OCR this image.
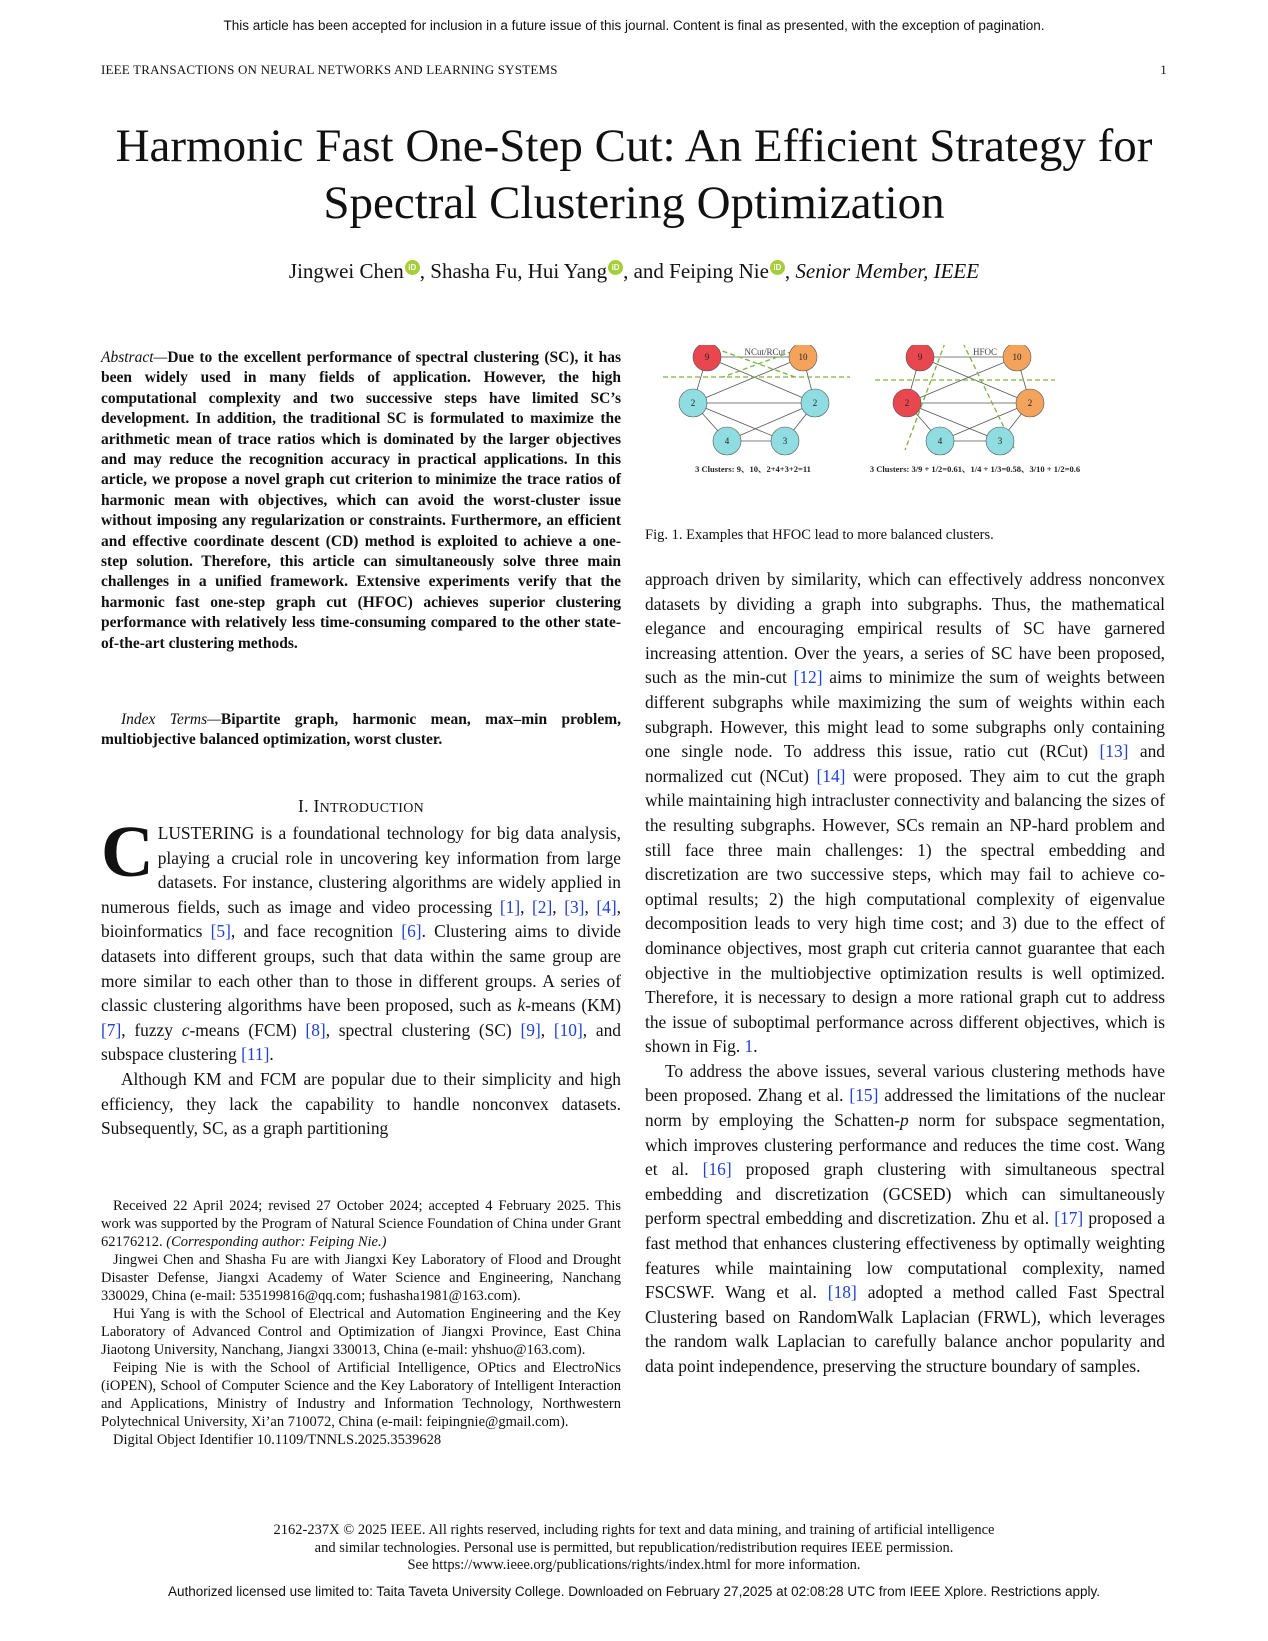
This article has been accepted for inclusion in a future issue of this journal. Content is final as presented, with the exception of pagination.
IEEE TRANSACTIONS ON NEURAL NETWORKS AND LEARNING SYSTEMS	1
Harmonic Fast One-Step Cut: An Efficient Strategy for Spectral Clustering Optimization
Jingwei Chen iD , Shasha Fu, Hui Yang iD , and Feiping Nie iD , Senior Member, IEEE
Abstract—Due to the excellent performance of spectral clustering (SC), it has been widely used in many fields of application. However, the high computational complexity and two successive steps have limited SC’s development. In addition, the traditional SC is formulated to maximize the arithmetic mean of trace ratios which is dominated by the larger objectives and may reduce the recognition accuracy in practical applications. In this article, we propose a novel graph cut criterion to minimize the trace ratios of harmonic mean with objectives, which can avoid the worst-cluster issue without imposing any regularization or constraints. Furthermore, an efficient and effective coordinate descent (CD) method is exploited to achieve a one-step solution. Therefore, this article can simultaneously solve three main challenges in a unified framework. Extensive experiments verify that the harmonic fast one-step graph cut (HFOC) achieves superior clustering performance with relatively less time-consuming compared to the other state-of-the-art clustering methods.
Index Terms—Bipartite graph, harmonic mean, max–min problem, multiobjective balanced optimization, worst cluster.
I. INTRODUCTION

CLUSTERING is a foundational technology for big data analysis, playing a crucial role in uncovering key information from large datasets. For instance, clustering algorithms are widely applied in numerous fields, such as image and video processing [1], [2], [3], [4], bioinformatics [5], and face recognition [6]. Clustering aims to divide datasets into different groups, such that data within the same group are more similar to each other than to those in different groups. A series of classic clustering algorithms have been proposed, such as k-means (KM) [7], fuzzy c-means (FCM) [8], spectral clustering (SC) [9], [10], and subspace clustering [11].

Although KM and FCM are popular due to their simplicity and high efficiency, they lack the capability to handle nonconvex datasets. Subsequently, SC, as a graph partitioning

Received 22 April 2024; revised 27 October 2024; accepted 4 February 2025. This work was supported by the Program of Natural Science Foundation of China under Grant 62176212. (Corresponding author: Feiping Nie.)

Jingwei Chen and Shasha Fu are with Jiangxi Key Laboratory of Flood and Drought Disaster Defense, Jiangxi Academy of Water Science and Engineering, Nanchang 330029, China (e-mail: 535199816@qq.com; fushasha1981@163.com).

Hui Yang is with the School of Electrical and Automation Engineering and the Key Laboratory of Advanced Control and Optimization of Jiangxi Province, East China Jiaotong University, Nanchang, Jiangxi 330013, China (e-mail: yhshuo@163.com).

Feiping Nie is with the School of Artificial Intelligence, OPtics and ElectroNics (iOPEN), School of Computer Science and the Key Laboratory of Intelligent Interaction and Applications, Ministry of Industry and Information Technology, Northwestern Polytechnical University, Xi’an 710072, China (e-mail: feipingnie@gmail.com).

Digital Object Identifier 10.1109/TNNLS.2025.3539628

NCut/RCut	HFOC
9	10
2	2
4	3
9	10
2	2
4	3
3 Clusters: 9、10、2+4+3+2=11	3 Clusters: 3/9 + 1/2=0.61、1/4 + 1/3=0.58、3/10 + 1/2=0.6
Fig. 1. Examples that HFOC lead to more balanced clusters.

approach driven by similarity, which can effectively address nonconvex datasets by dividing a graph into subgraphs. Thus, the mathematical elegance and encouraging empirical results of SC have garnered increasing attention. Over the years, a series of SC have been proposed, such as the min-cut [12] aims to minimize the sum of weights between different subgraphs while maximizing the sum of weights within each subgraph. However, this might lead to some subgraphs only containing one single node. To address this issue, ratio cut (RCut) [13] and normalized cut (NCut) [14] were proposed. They aim to cut the graph while maintaining high intracluster connectivity and balancing the sizes of the resulting subgraphs. However, SCs remain an NP-hard problem and still face three main challenges: 1) the spectral embedding and discretization are two successive steps, which may fail to achieve co-optimal results; 2) the high computational complexity of eigenvalue decomposition leads to very high time cost; and 3) due to the effect of dominance objectives, most graph cut criteria cannot guarantee that each objective in the multiobjective optimization results is well optimized. Therefore, it is necessary to design a more rational graph cut to address the issue of suboptimal performance across different objectives, which is shown in Fig. 1.

To address the above issues, several various clustering methods have been proposed. Zhang et al. [15] addressed the limitations of the nuclear norm by employing the Schatten-p norm for subspace segmentation, which improves clustering performance and reduces the time cost. Wang et al. [16] proposed graph clustering with simultaneous spectral embedding and discretization (GCSED) which can simultaneously perform spectral embedding and discretization. Zhu et al. [17] proposed a fast method that enhances clustering effectiveness by optimally weighting features while maintaining low computational complexity, named FSCSWF. Wang et al. [18] adopted a method called Fast Spectral Clustering based on RandomWalk Laplacian (FRWL), which leverages the random walk Laplacian to carefully balance anchor popularity and data point independence, preserving the structure boundary of samples.

2162-237X © 2025 IEEE. All rights reserved, including rights for text and data mining, and training of artificial intelligence
and similar technologies. Personal use is permitted, but republication/redistribution requires IEEE permission.
See https://www.ieee.org/publications/rights/index.html for more information.
Authorized licensed use limited to: Taita Taveta University College. Downloaded on February 27,2025 at 02:08:28 UTC from IEEE Xplore. Restrictions apply.
